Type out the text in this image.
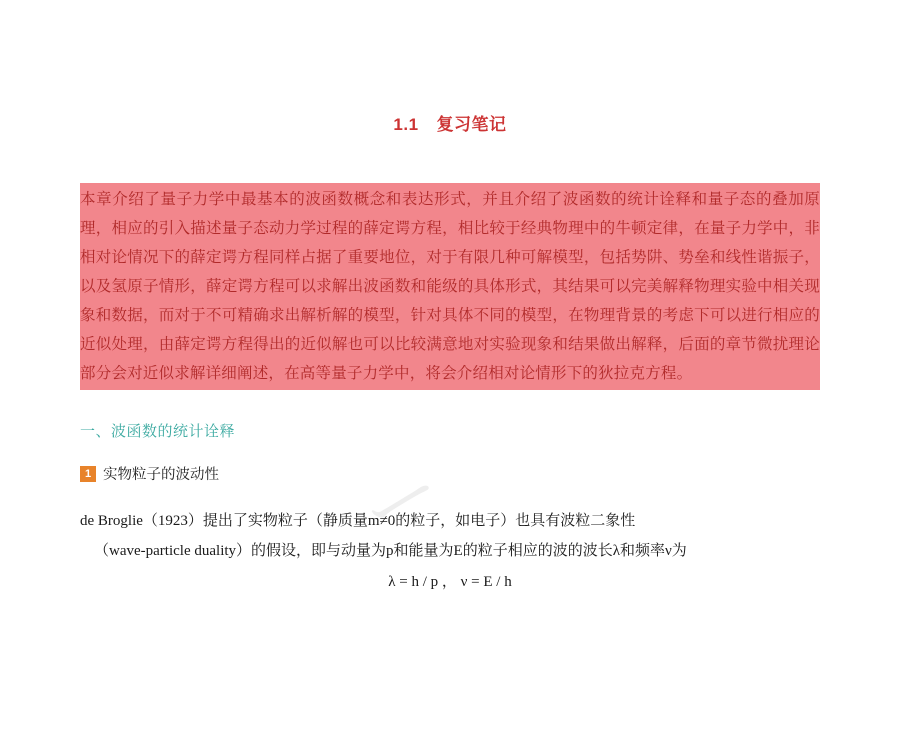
ー
1.1 复习笔记
本章介绍了量子力学中最基本的波函数概念和表达形式，并且介绍了波函数的统计诠释和量子态的叠加原理，相应的引入描述量子态动力学过程的薛定谔方程，相比较于经典物理中的牛顿定律，在量子力学中，非相对论情况下的薛定谔方程同样占据了重要地位，对于有限几种可解模型，包括势阱、势垒和线性谐振子，以及氢原子情形，薛定谔方程可以求解出波函数和能级的具体形式，其结果可以完美解释物理实验中相关现象和数据，而对于不可精确求出解析解的模型，针对具体不同的模型，在物理背景的考虑下可以进行相应的近似处理，由薛定谔方程得出的近似解也可以比较满意地对实验现象和结果做出解释，后面的章节微扰理论部分会对近似求解详细阐述，在高等量子力学中，将会介绍相对论情形下的狄拉克方程。
一、波函数的统计诠释
1 实物粒子的波动性
de Broglie（1923）提出了实物粒子（静质量m≠0的粒子，如电子）也具有波粒二象性
（wave-particle duality）的假设，即与动量为p和能量为E的粒子相应的波的波长λ和频率ν为
λ = h / p ， ν = E / h
